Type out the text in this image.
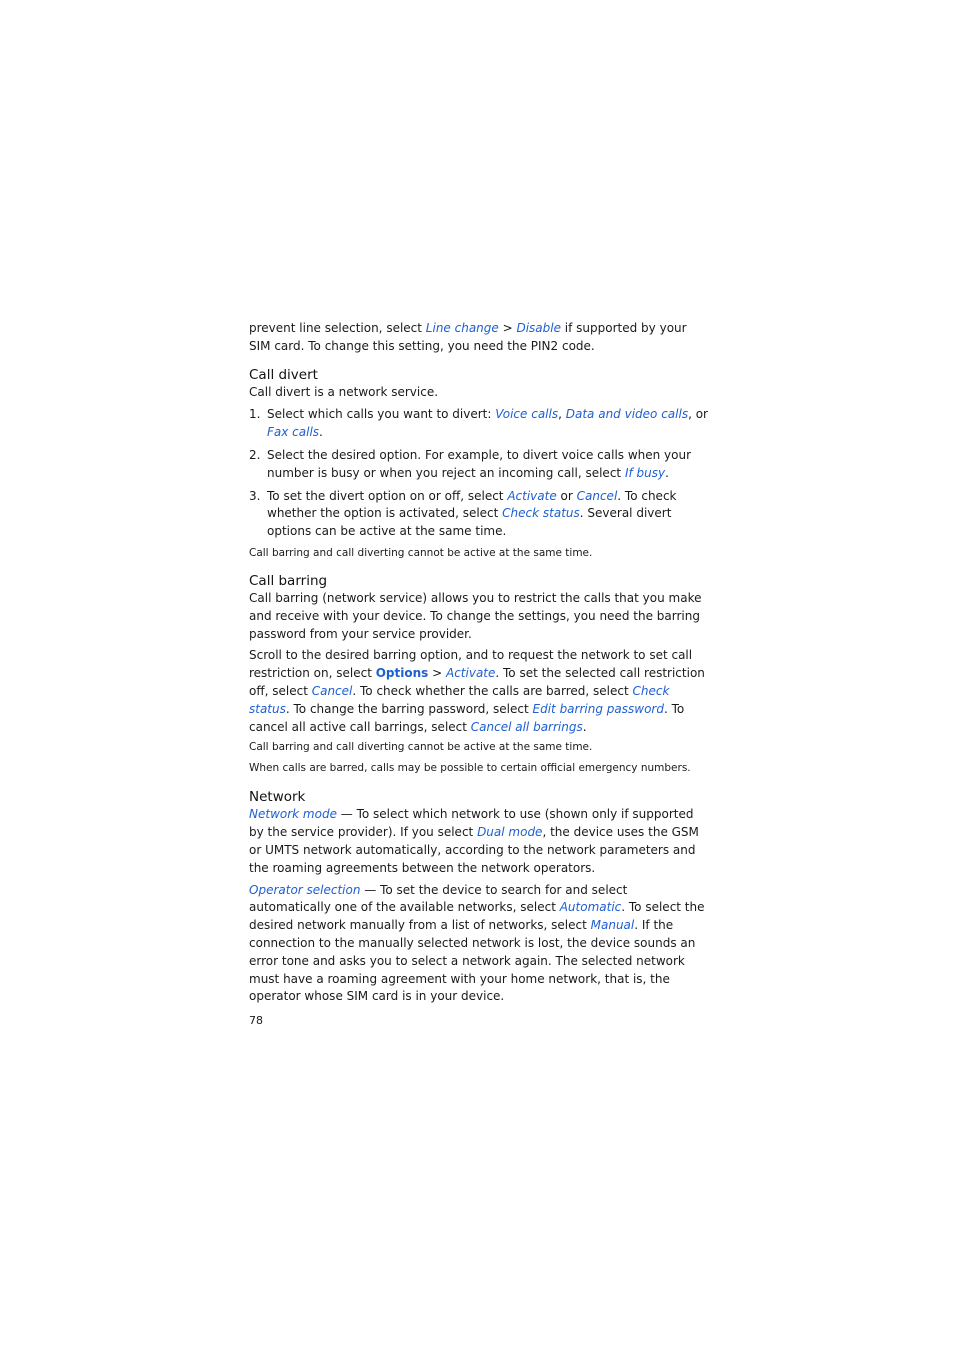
prevent line selection, select Line change > Disable if supported by your SIM card. To change this setting, you need the PIN2 code.

Call divert

Call divert is a network service.

1. Select which calls you want to divert: Voice calls, Data and video calls, or Fax calls.
2. Select the desired option. For example, to divert voice calls when your number is busy or when you reject an incoming call, select If busy.
3. To set the divert option on or off, select Activate or Cancel. To check whether the option is activated, select Check status. Several divert options can be active at the same time.

Call barring and call diverting cannot be active at the same time.

Call barring

Call barring (network service) allows you to restrict the calls that you make and receive with your device. To change the settings, you need the barring password from your service provider.

Scroll to the desired barring option, and to request the network to set call restriction on, select Options > Activate. To set the selected call restriction off, select Cancel. To check whether the calls are barred, select Check status. To change the barring password, select Edit barring password. To cancel all active call barrings, select Cancel all barrings.

Call barring and call diverting cannot be active at the same time.

When calls are barred, calls may be possible to certain official emergency numbers.

Network

Network mode — To select which network to use (shown only if supported by the service provider). If you select Dual mode, the device uses the GSM or UMTS network automatically, according to the network parameters and the roaming agreements between the network operators.

Operator selection — To set the device to search for and select automatically one of the available networks, select Automatic. To select the desired network manually from a list of networks, select Manual. If the connection to the manually selected network is lost, the device sounds an error tone and asks you to select a network again. The selected network must have a roaming agreement with your home network, that is, the operator whose SIM card is in your device.

78
